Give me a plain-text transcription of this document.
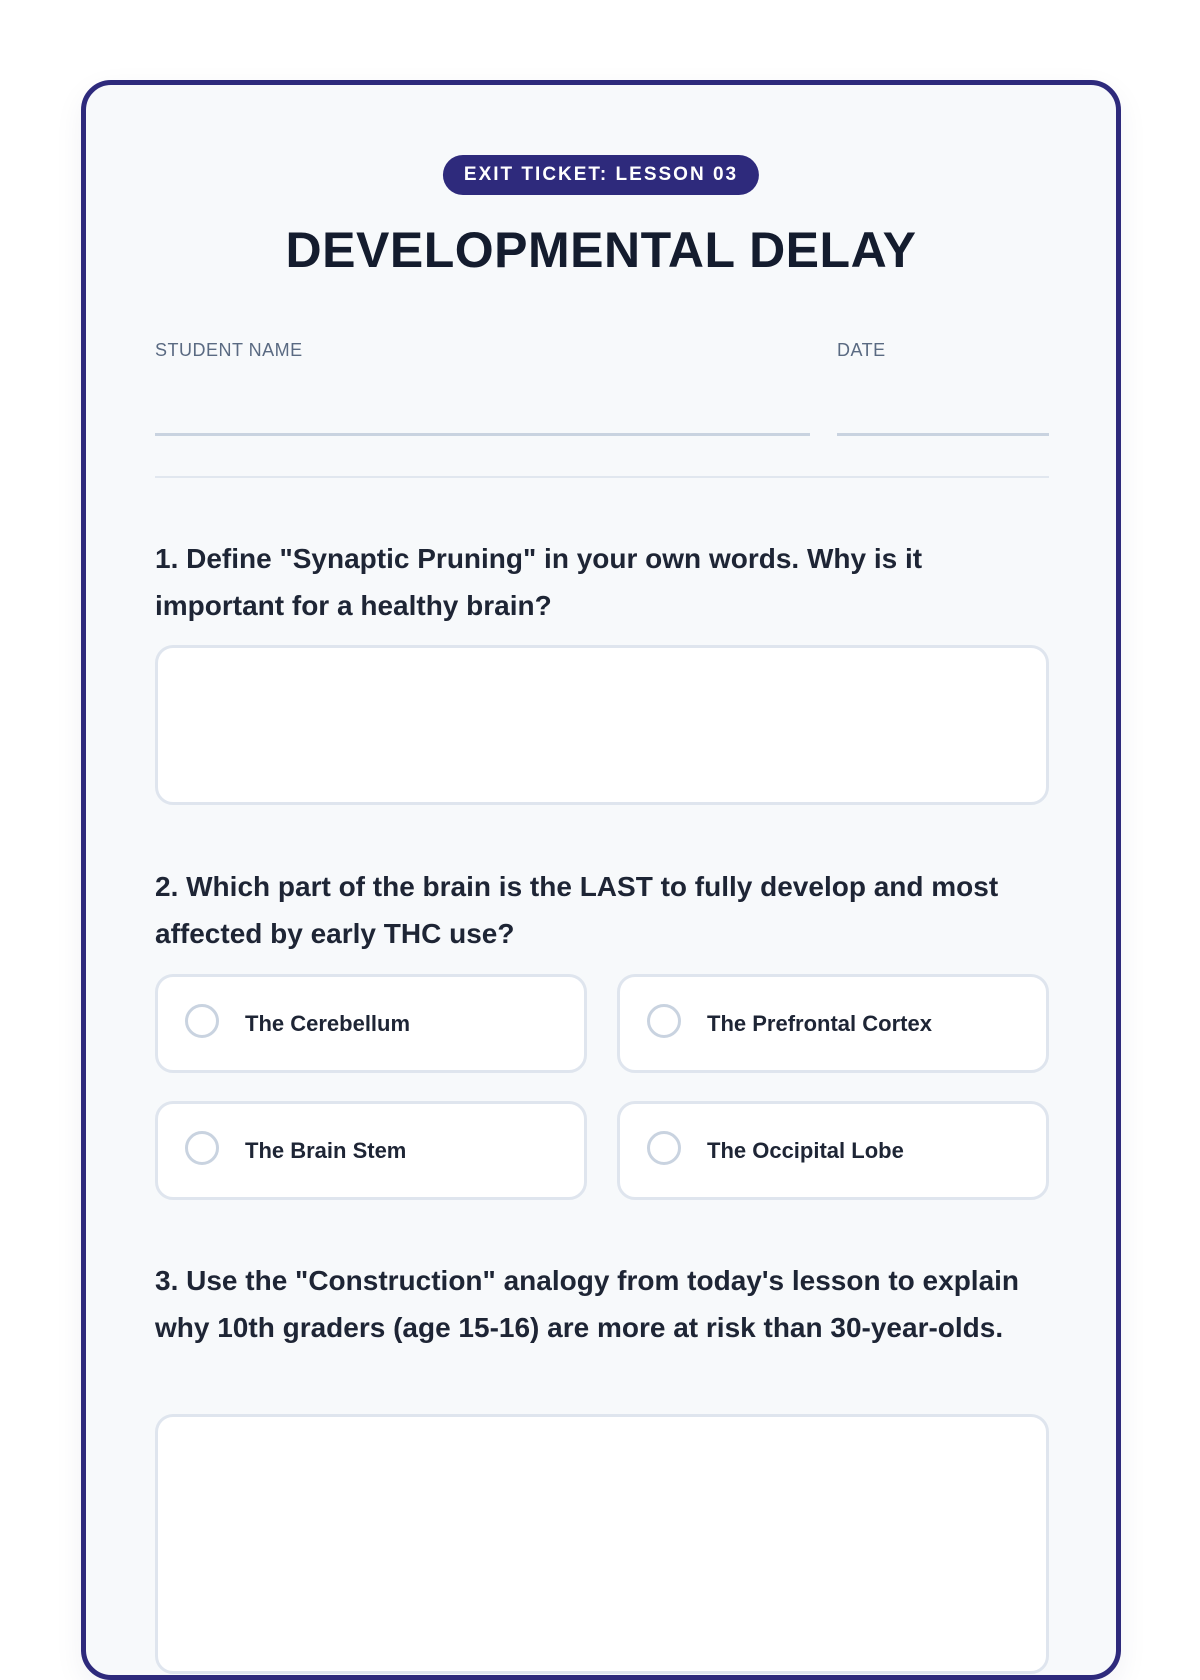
EXIT TICKET: LESSON 03
DEVELOPMENTAL DELAY
STUDENT NAME	DATE

1. Define "Synaptic Pruning" in your own words. Why is it important for a healthy brain?

2. Which part of the brain is the LAST to fully develop and most affected by early THC use?

The Cerebellum	The Prefrontal Cortex
The Brain Stem	The Occipital Lobe

3. Use the "Construction" analogy from today's lesson to explain why 10th graders (age 15-16) are more at risk than 30-year-olds.
